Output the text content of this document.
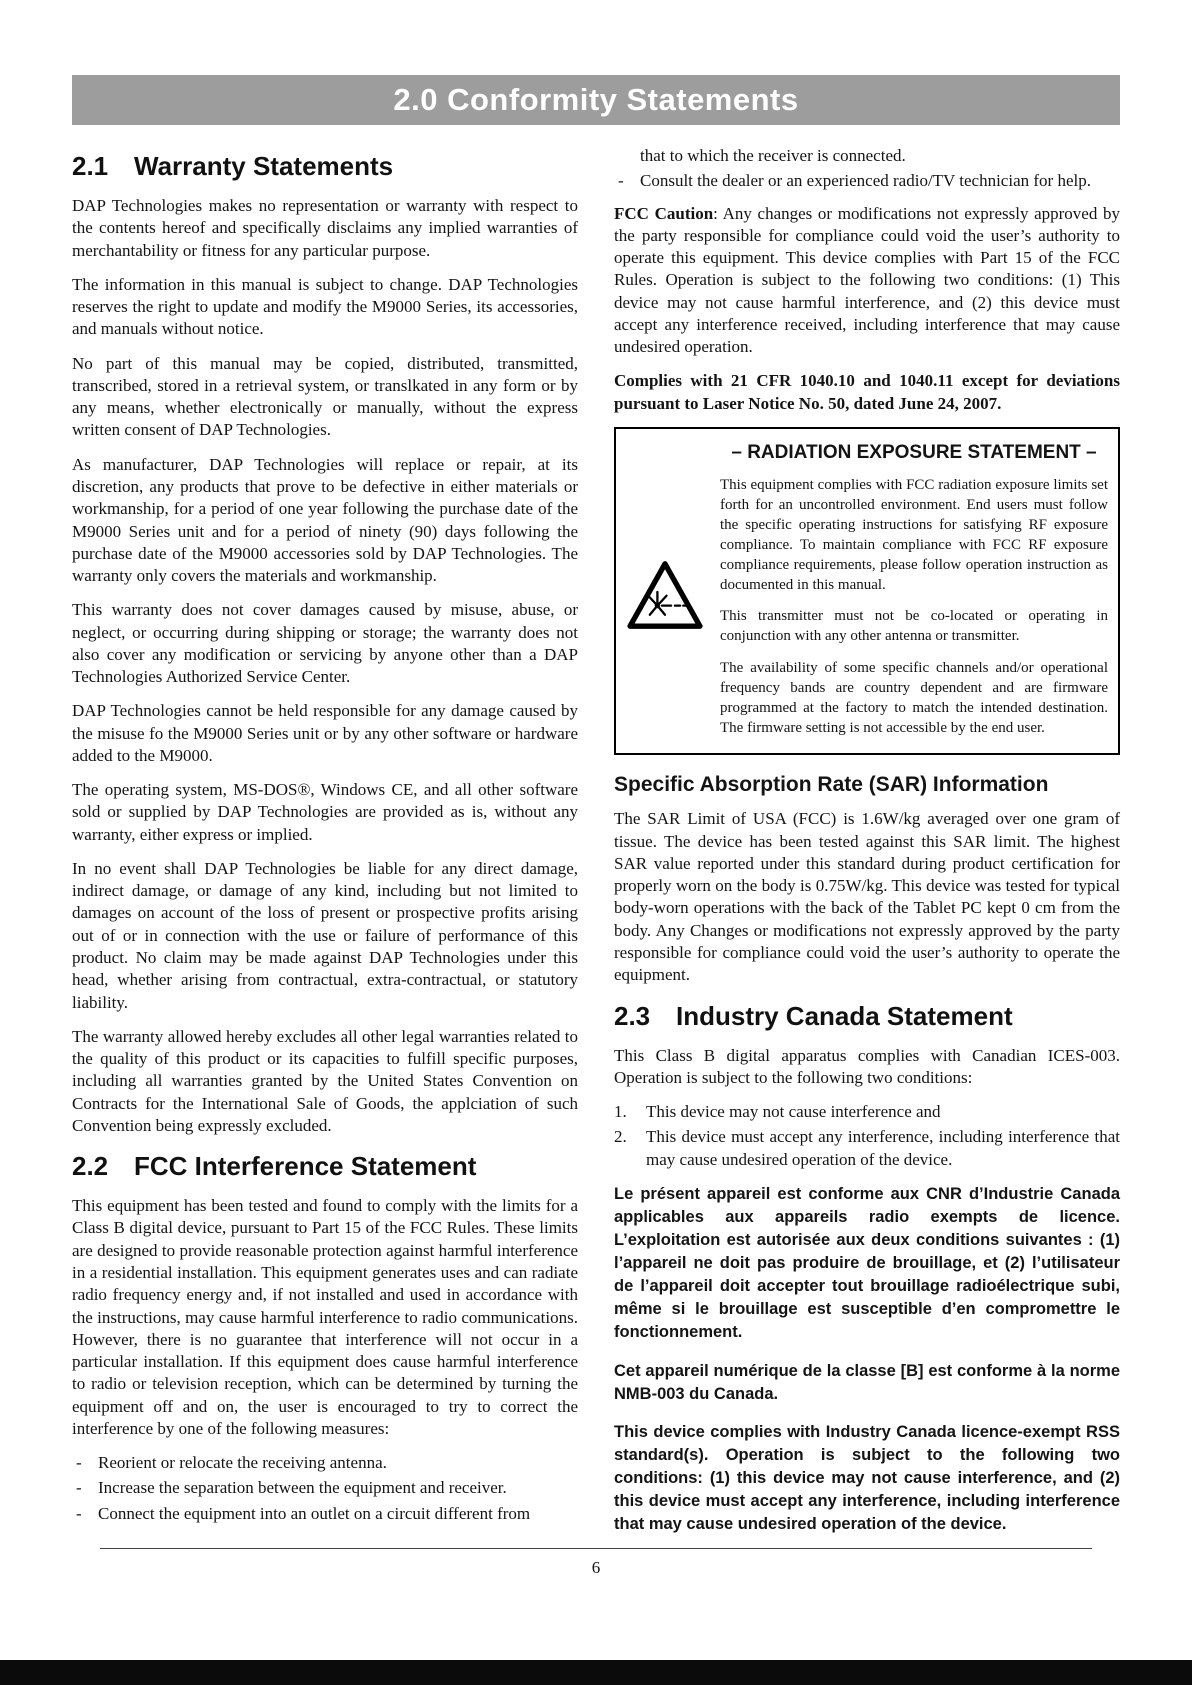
2.0 Conformity Statements
2.1 Warranty Statements

DAP Technologies makes no representation or warranty with respect to the contents hereof and specifically disclaims any implied warranties of merchantability or fitness for any particular purpose.

The information in this manual is subject to change. DAP Technologies reserves the right to update and modify the M9000 Series, its accessories, and manuals without notice.

No part of this manual may be copied, distributed, transmitted, transcribed, stored in a retrieval system, or translkated in any form or by any means, whether electronically or manually, without the express written consent of DAP Technologies.

As manufacturer, DAP Technologies will replace or repair, at its discretion, any products that prove to be defective in either materials or workmanship, for a period of one year following the purchase date of the M9000 Series unit and for a period of ninety (90) days following the purchase date of the M9000 accessories sold by DAP Technologies. The warranty only covers the materials and workmanship.

This warranty does not cover damages caused by misuse, abuse, or neglect, or occurring during shipping or storage; the warranty does not also cover any modification or servicing by anyone other than a DAP Technologies Authorized Service Center.

DAP Technologies cannot be held responsible for any damage caused by the misuse fo the M9000 Series unit or by any other software or hardware added to the M9000.

The operating system, MS-DOS®, Windows CE, and all other software sold or supplied by DAP Technologies are provided as is, without any warranty, either express or implied.

In no event shall DAP Technologies be liable for any direct damage, indirect damage, or damage of any kind, including but not limited to damages on account of the loss of present or prospective profits arising out of or in connection with the use or failure of performance of this product. No claim may be made against DAP Technologies under this head, whether arising from contractual, extra-contractual, or statutory liability.

The warranty allowed hereby excludes all other legal warranties related to the quality of this product or its capacities to fulfill specific purposes, including all warranties granted by the United States Convention on Contracts for the International Sale of Goods, the applciation of such Convention being expressly excluded.

2.2 FCC Interference Statement

This equipment has been tested and found to comply with the limits for a Class B digital device, pursuant to Part 15 of the FCC Rules. These limits are designed to provide reasonable protection against harmful interference in a residential installation. This equipment generates uses and can radiate radio frequency energy and, if not installed and used in accordance with the instructions, may cause harmful interference to radio communications. However, there is no guarantee that interference will not occur in a particular installation. If this equipment does cause harmful interference to radio or television reception, which can be determined by turning the equipment off and on, the user is encouraged to try to correct the interference by one of the following measures:

- Reorient or relocate the receiving antenna.
- Increase the separation between the equipment and receiver.
- Connect the equipment into an outlet on a circuit different from
that to which the receiver is connected.
- Consult the dealer or an experienced radio/TV technician for help.

FCC Caution: Any changes or modifications not expressly approved by the party responsible for compliance could void the user’s authority to operate this equipment. This device complies with Part 15 of the FCC Rules. Operation is subject to the following two conditions: (1) This device may not cause harmful interference, and (2) this device must accept any interference received, including interference that may cause undesired operation.

Complies with 21 CFR 1040.10 and 1040.11 except for deviations pursuant to Laser Notice No. 50, dated June 24, 2007.

– RADIATION EXPOSURE STATEMENT –

This equipment complies with FCC radiation exposure limits set forth for an uncontrolled environment. End users must follow the specific operating instructions for satisfying RF exposure compliance. To maintain compliance with FCC RF exposure compliance requirements, please follow operation instruction as documented in this manual.

This transmitter must not be co-located or operating in conjunction with any other antenna or transmitter.

The availability of some specific channels and/or operational frequency bands are country dependent and are firmware programmed at the factory to match the intended destination. The firmware setting is not accessible by the end user.

Specific Absorption Rate (SAR) Information

The SAR Limit of USA (FCC) is 1.6W/kg averaged over one gram of tissue. The device has been tested against this SAR limit. The highest SAR value reported under this standard during product certification for properly worn on the body is 0.75W/kg. This device was tested for typical body-worn operations with the back of the Tablet PC kept 0 cm from the body. Any Changes or modifications not expressly approved by the party responsible for compliance could void the user’s authority to operate the equipment.

2.3 Industry Canada Statement

This Class B digital apparatus complies with Canadian ICES-003. Operation is subject to the following two conditions:

1.	This device may not cause interference and
2.	This device must accept any interference, including interference that may cause undesired operation of the device.

Le présent appareil est conforme aux CNR d’Industrie Canada applicables aux appareils radio exempts de licence. L’exploitation est autorisée aux deux conditions suivantes : (1) l’appareil ne doit pas produire de brouillage, et (2) l’utilisateur de l’appareil doit accepter tout brouillage radioélectrique subi, même si le brouillage est susceptible d’en compromettre le fonctionnement.

Cet appareil numérique de la classe [B] est conforme à la norme NMB-003 du Canada.

This device complies with Industry Canada licence-exempt RSS standard(s). Operation is subject to the following two conditions: (1) this device may not cause interference, and (2) this device must accept any interference, including interference that may cause undesired operation of the device.

6
